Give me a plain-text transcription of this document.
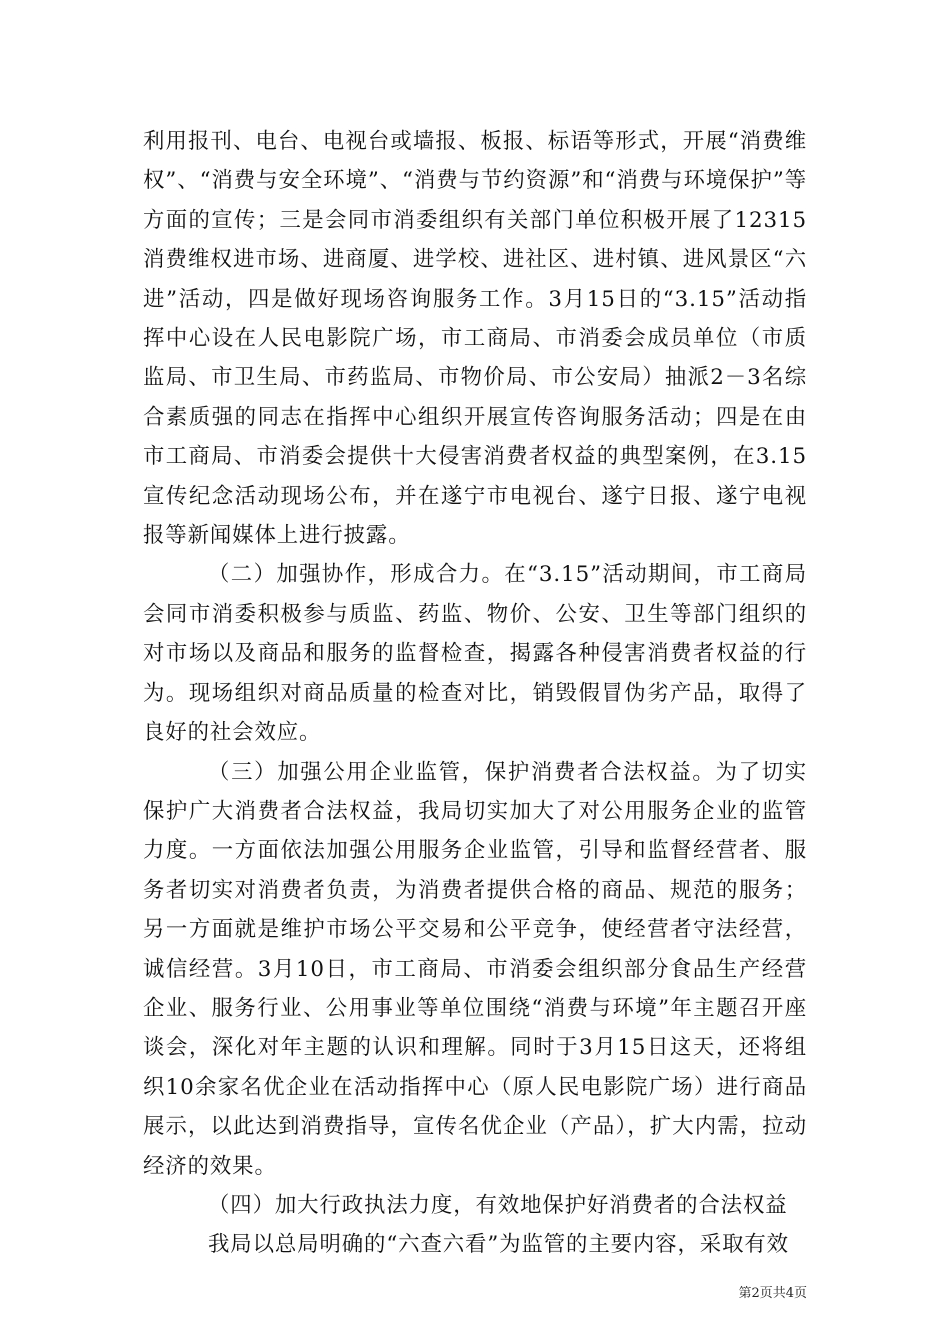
利用报刊、电台、电视台或墙报、板报、标语等形式，开展“消费维权”、“消费与安全环境”、“消费与节约资源”和“消费与环境保护”等方面的宣传；三是会同市消委组织有关部门单位积极开展了12315消费维权进市场、进商厦、进学校、进社区、进村镇、进风景区“六进”活动，四是做好现场咨询服务工作。3月15日的“3.15”活动指挥中心设在人民电影院广场，市工商局、市消委会成员单位（市质监局、市卫生局、市药监局、市物价局、市公安局）抽派2－3名综合素质强的同志在指挥中心组织开展宣传咨询服务活动；四是在由市工商局、市消委会提供十大侵害消费者权益的典型案例，在3.15宣传纪念活动现场公布，并在遂宁市电视台、遂宁日报、遂宁电视报等新闻媒体上进行披露。

（二）加强协作，形成合力。在“3.15”活动期间，市工商局会同市消委积极参与质监、药监、物价、公安、卫生等部门组织的对市场以及商品和服务的监督检查，揭露各种侵害消费者权益的行为。现场组织对商品质量的检查对比，销毁假冒伪劣产品，取得了良好的社会效应。

（三）加强公用企业监管，保护消费者合法权益。为了切实保护广大消费者合法权益，我局切实加大了对公用服务企业的监管力度。一方面依法加强公用服务企业监管，引导和监督经营者、服务者切实对消费者负责，为消费者提供合格的商品、规范的服务；另一方面就是维护市场公平交易和公平竞争，使经营者守法经营，诚信经营。3月10日，市工商局、市消委会组织部分食品生产经营企业、服务行业、公用事业等单位围绕“消费与环境”年主题召开座谈会，深化对年主题的认识和理解。同时于3月15日这天，还将组织10余家名优企业在活动指挥中心（原人民电影院广场）进行商品展示，以此达到消费指导，宣传名优企业（产品），扩大内需，拉动经济的效果。

（四）加大行政执法力度，有效地保护好消费者的合法权益

我局以总局明确的“六查六看”为监管的主要内容，采取有效

第2页共4页
